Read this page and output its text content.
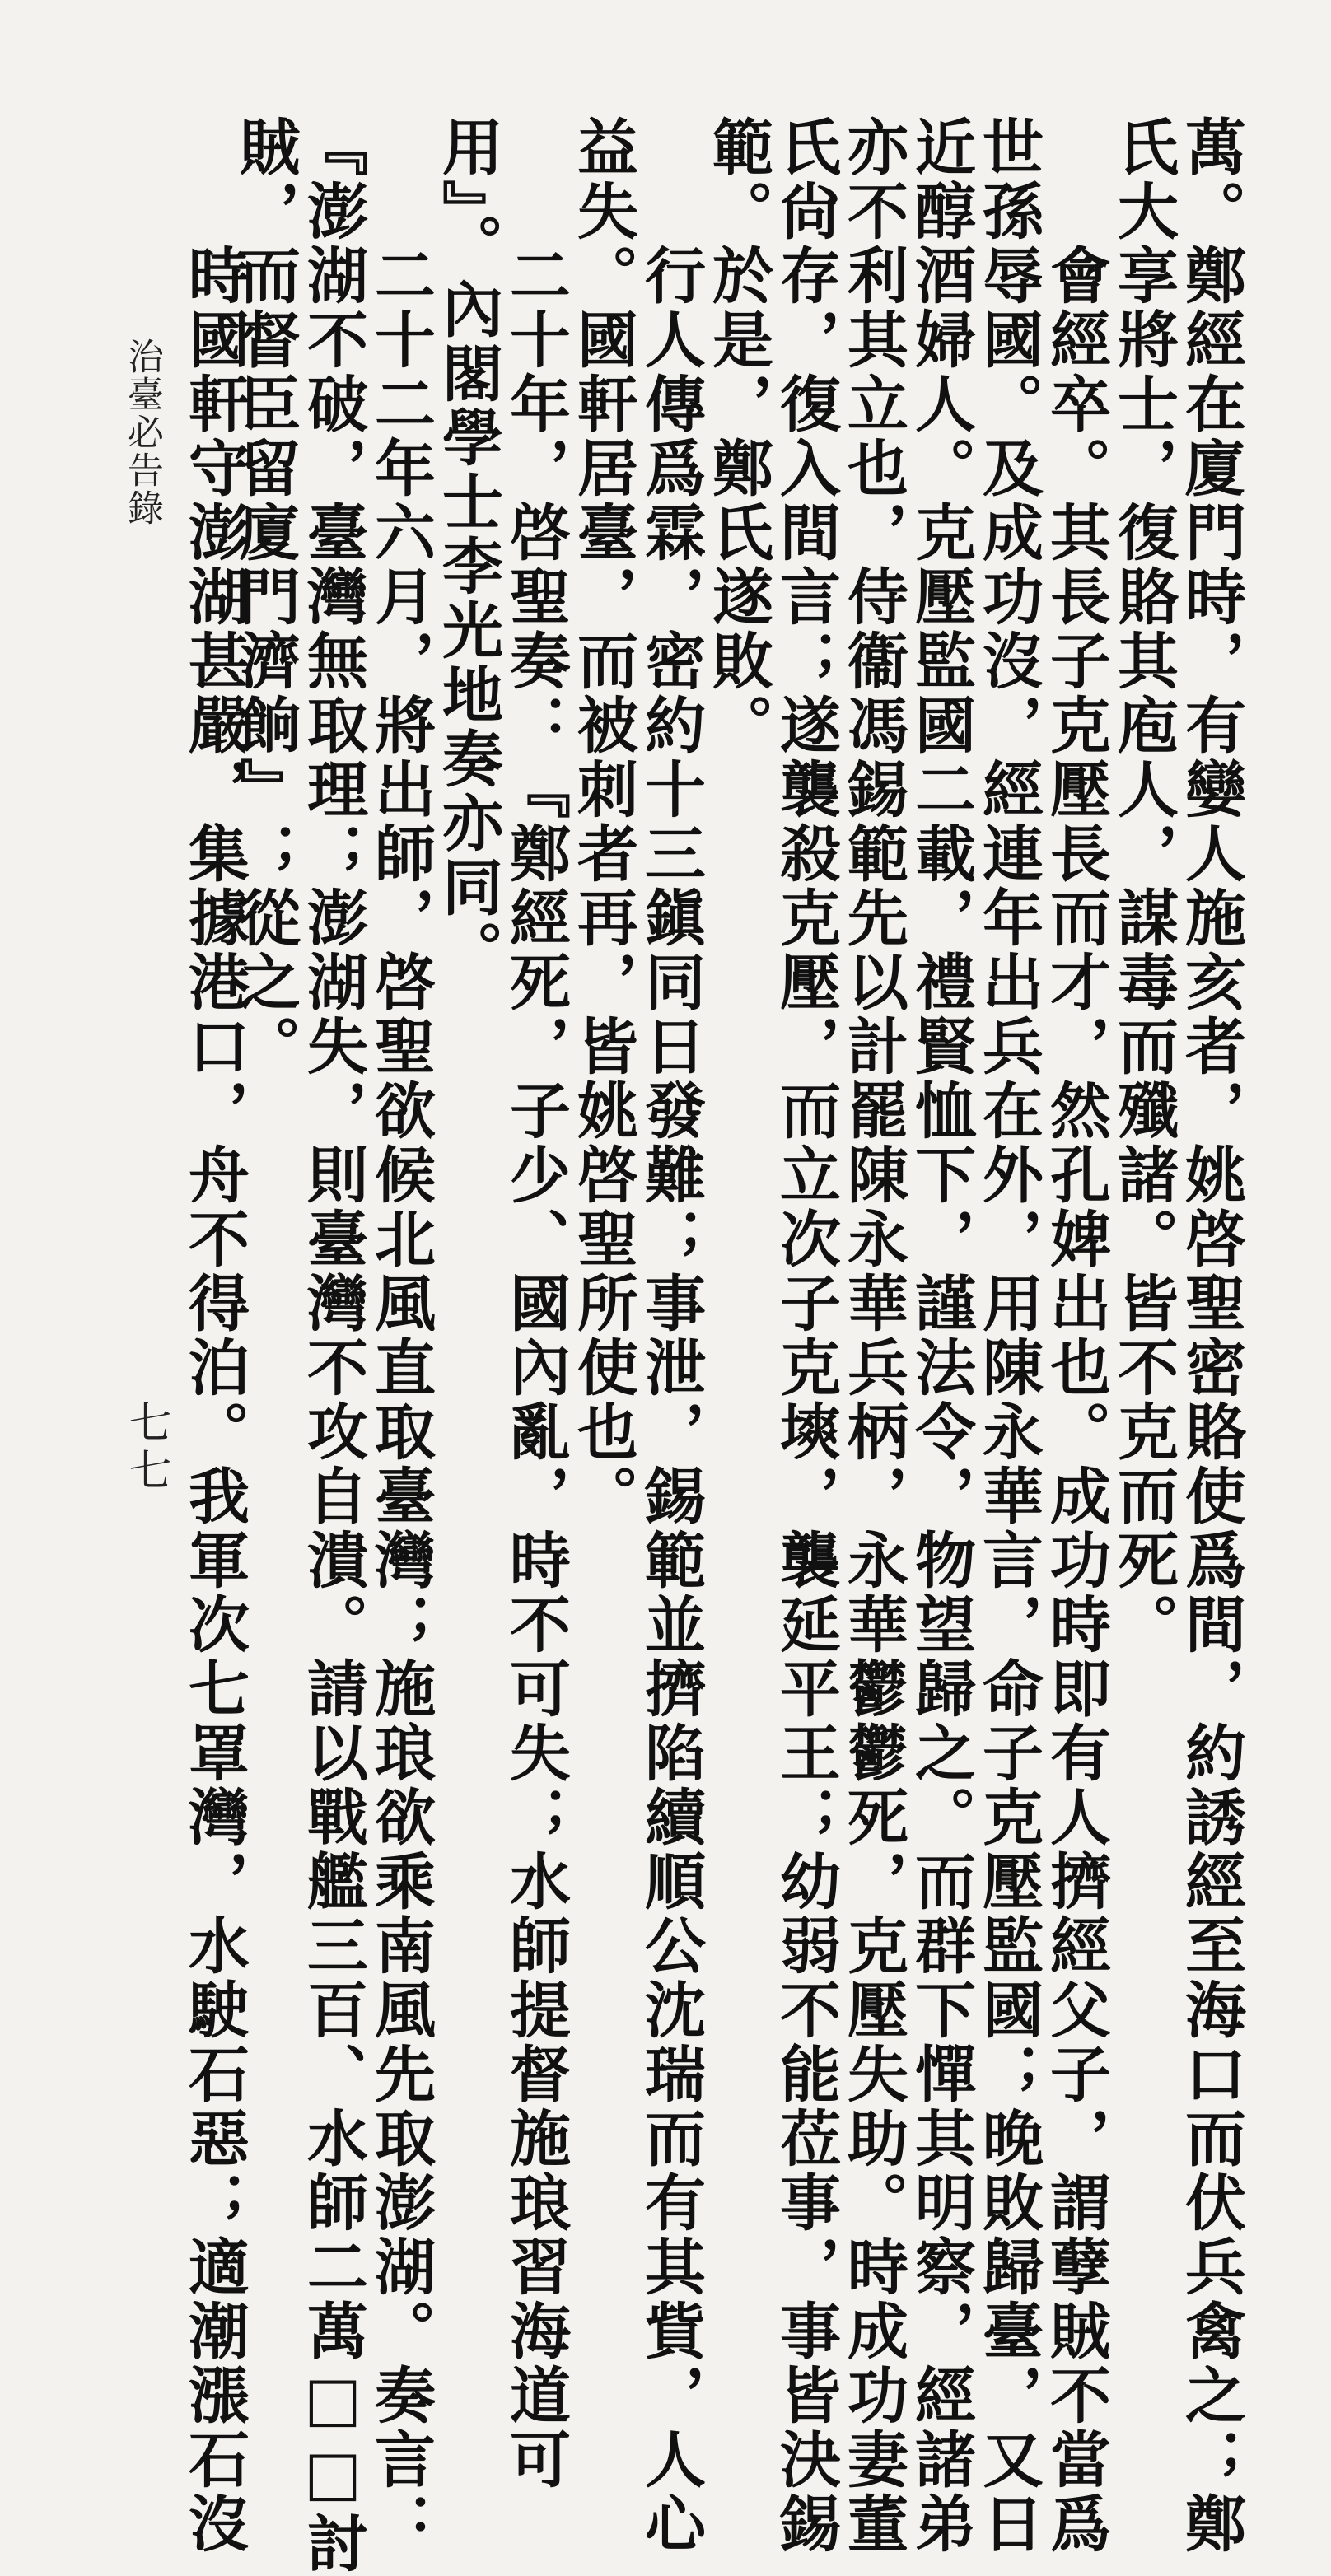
治臺必告錄
七七	萬。鄭經在廈門時，有孌人施亥者，姚啓聖密賂使爲間，約誘經至海口而伏兵禽之；鄭
氏大享將士，復賂其庖人，謀毒而殲諸。皆不克而死。
　　會經卒。其長子克壓長而才，然孔婢出也。成功時即有人擠經父子，謂孽賊不當爲
世孫辱國。及成功沒，經連年出兵在外，用陳永華言，命子克壓監國；晚敗歸臺，又日
近醇酒婦人。克壓監國二載，禮賢恤下，謹法令，物望歸之。而群下憚其明察，經諸弟
亦不利其立也，侍衞馮錫範先以計罷陳永華兵柄，永華鬱鬱死，克壓失助。時成功妻董
氏尙存，復入間言；遂襲殺克壓，而立次子克塽，襲延平王；幼弱不能莅事，事皆決錫
範。於是，鄭氏遂敗。
　　行人傳爲霖，密約十三鎭同日發難；事泄，錫範並擠陷續順公沈瑞而有其貲，人心
益失。國軒居臺，而被刺者再，皆姚啓聖所使也。
　　二十年，啓聖奏：『鄭經死，子少、國內亂，時不可失；水師提督施琅習海道可
用』。內閣學士李光地奏亦同。
　　二十二年六月，將出師，啓聖欲候北風直取臺灣；施琅欲乘南風先取澎湖。奏言：
『澎湖不破，臺灣無取理；澎湖失，則臺灣不攻自潰。請以戰艦三百、水師二萬□□討
賊，而督臣留廈門濟餉』；從之。
　　時國軒守澎湖甚嚴，集據港口，舟不得泊。我軍次七罩灣，水駛石惡；適潮漲石沒
